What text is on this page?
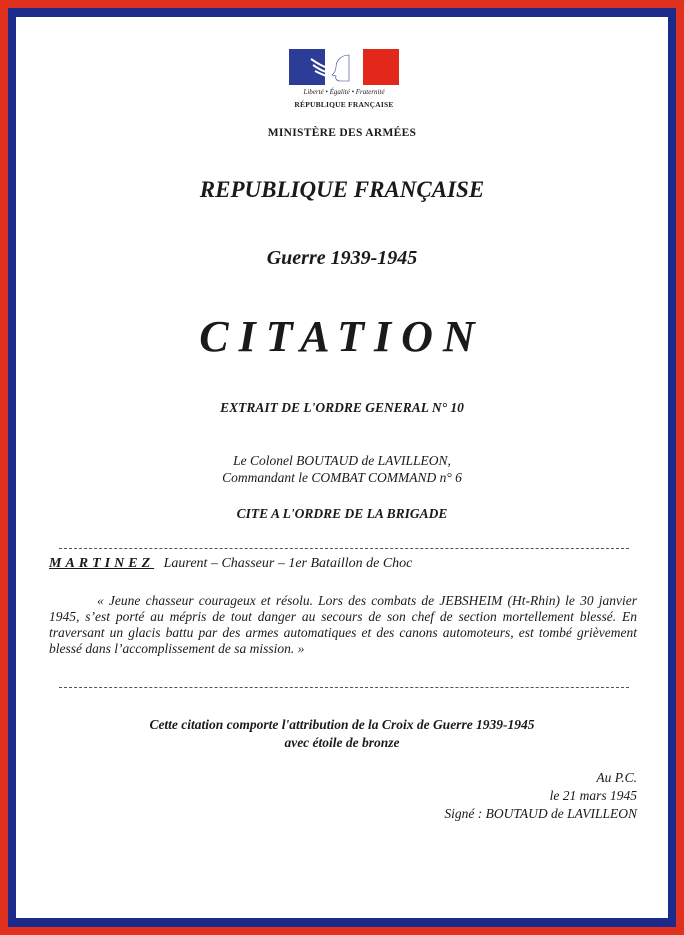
Liberté • Égalité • Fraternité
RÉPUBLIQUE FRANÇAISE
MINISTÈRE DES ARMÉES
REPUBLIQUE FRANÇAISE
Guerre 1939-1945
CITATION
EXTRAIT DE L'ORDRE GENERAL N° 10
Le Colonel BOUTAUD de LAVILLEON,
Commandant le COMBAT COMMAND n° 6
CITE A L'ORDRE DE LA BRIGADE
MARTINEZ Laurent – Chasseur – 1er Bataillon de Choc

« Jeune chasseur courageux et résolu. Lors des combats de JEBSHEIM (Ht-Rhin) le 30 janvier 1945, s’est porté au mépris de tout danger au secours de son chef de section mortellement blessé. En traversant un glacis battu par des armes automatiques et des canons automoteurs, est tombé grièvement blessé dans l’accomplissement de sa mission. »

Cette citation comporte l'attribution de la Croix de Guerre 1939-1945
avec étoile de bronze
Au P.C.
le 21 mars 1945
Signé : BOUTAUD de LAVILLEON
